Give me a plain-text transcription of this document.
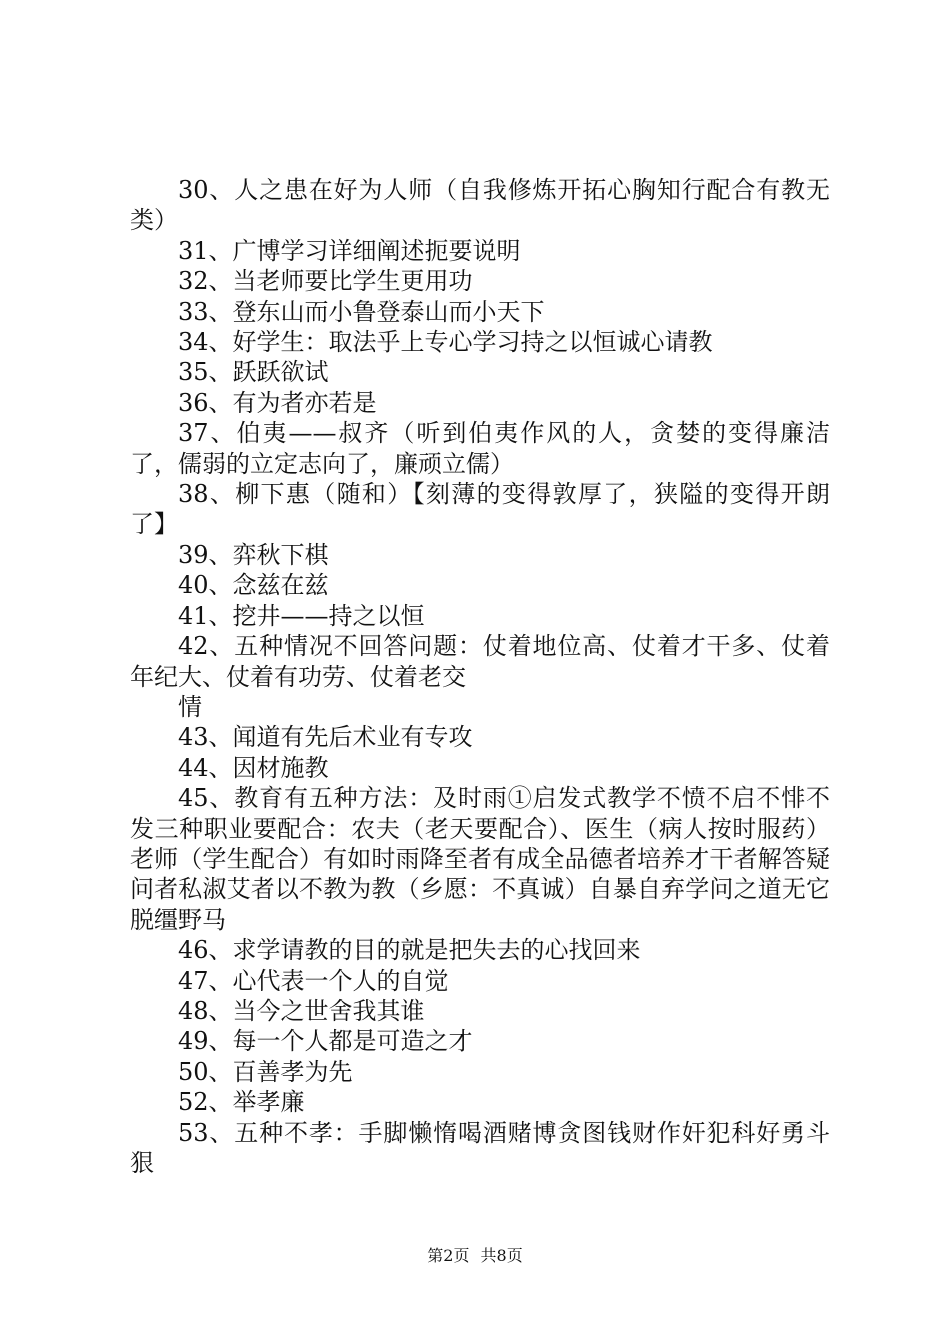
30、人之患在好为人师（自我修炼开拓心胸知行配合有教无类）

31、广博学习详细阐述扼要说明

32、当老师要比学生更用功

33、登东山而小鲁登泰山而小天下

34、好学生：取法乎上专心学习持之以恒诚心请教

35、跃跃欲试

36、有为者亦若是

37、伯夷——叔齐（听到伯夷作风的人，贪婪的变得廉洁了，儒弱的立定志向了，廉顽立儒）

38、柳下惠（随和）【刻薄的变得敦厚了，狭隘的变得开朗了】

39、弈秋下棋

40、念兹在兹

41、挖井——持之以恒

42、五种情况不回答问题：仗着地位高、仗着才干多、仗着年纪大、仗着有功劳、仗着老交

情

43、闻道有先后术业有专攻

44、因材施教

45、教育有五种方法：及时雨①启发式教学不愤不启不悱不发三种职业要配合：农夫（老天要配合）、医生（病人按时服药）老师（学生配合）有如时雨降至者有成全品德者培养才干者解答疑问者私淑艾者以不教为教（乡愿：不真诚）自暴自弃学问之道无它脱缰野马

46、求学请教的目的就是把失去的心找回来

47、心代表一个人的自觉

48、当今之世舍我其谁

49、每一个人都是可造之才

50、百善孝为先

52、举孝廉

53、五种不孝：手脚懒惰喝酒赌博贪图钱财作奸犯科好勇斗狠

第2页 共8页
